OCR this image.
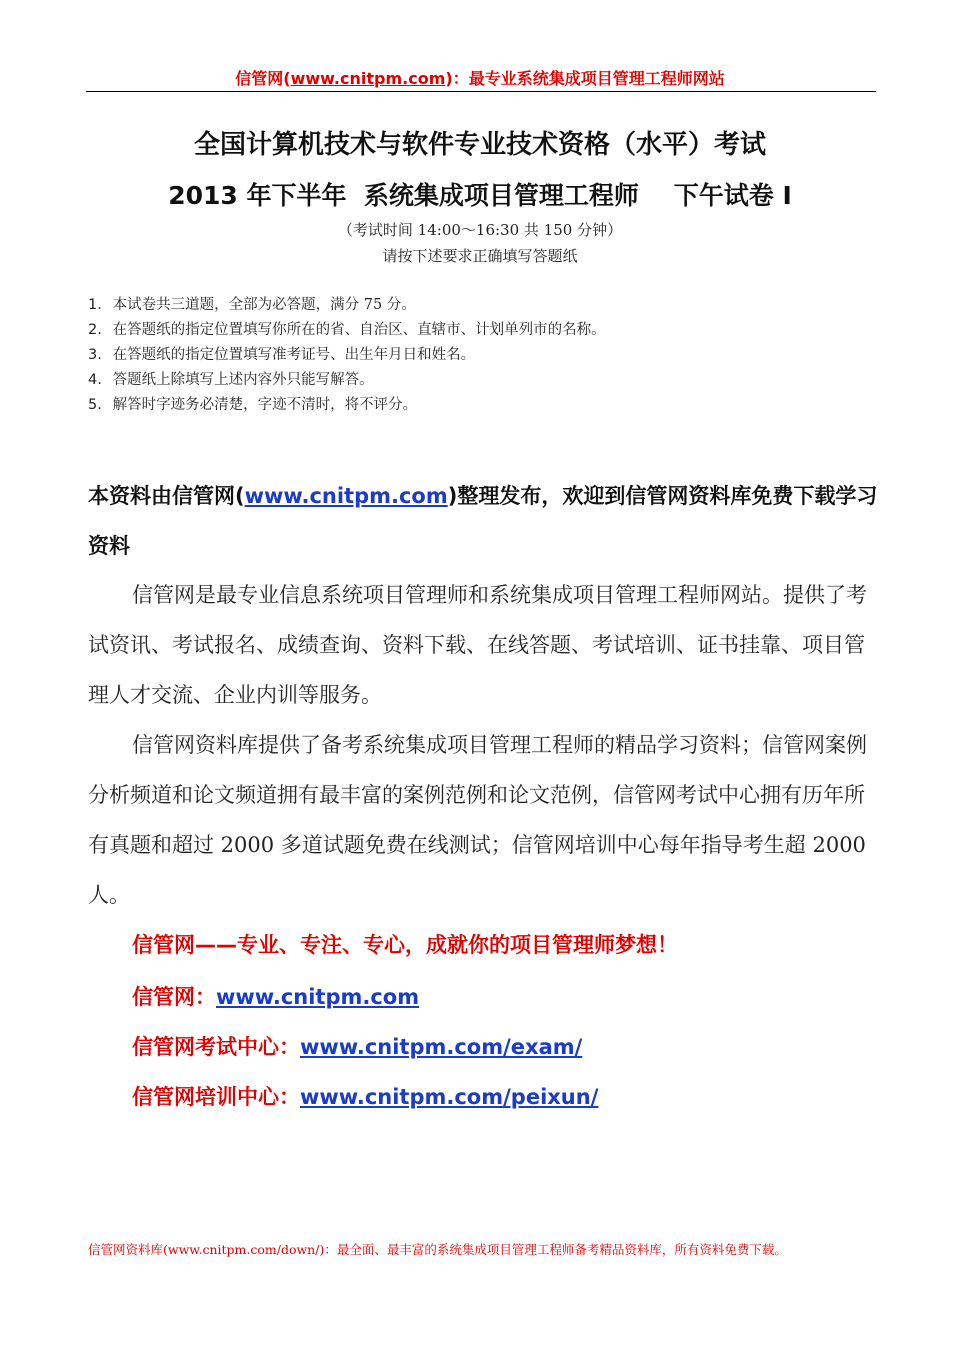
信管网(www.cnitpm.com)：最专业系统集成项目管理工程师网站
全国计算机技术与软件专业技术资格（水平）考试
2013 年下半年  系统集成项目管理工程师    下午试卷 I
（考试时间 14:00～16:30 共 150 分钟）
请按下述要求正确填写答题纸
1. 本试卷共三道题，全部为必答题，满分 75 分。
2. 在答题纸的指定位置填写你所在的省、自治区、直辖市、计划单列市的名称。
3. 在答题纸的指定位置填写准考证号、出生年月日和姓名。
4. 答题纸上除填写上述内容外只能写解答。
5. 解答时字迹务必清楚，字迹不清时，将不评分。
本资料由信管网(www.cnitpm.com)整理发布，欢迎到信管网资料库免费下载学习资料
信管网是最专业信息系统项目管理师和系统集成项目管理工程师网站。提供了考试资讯、考试报名、成绩查询、资料下载、在线答题、考试培训、证书挂靠、项目管理人才交流、企业内训等服务。
信管网资料库提供了备考系统集成项目管理工程师的精品学习资料；信管网案例分析频道和论文频道拥有最丰富的案例范例和论文范例，信管网考试中心拥有历年所有真题和超过 2000 多道试题免费在线测试；信管网培训中心每年指导考生超 2000 人。
信管网——专业、专注、专心，成就你的项目管理师梦想！
信管网：www.cnitpm.com
信管网考试中心：www.cnitpm.com/exam/
信管网培训中心：www.cnitpm.com/peixun/
信管网资料库(www.cnitpm.com/down/)：最全面、最丰富的系统集成项目管理工程师备考精品资料库，所有资料免费下载。
